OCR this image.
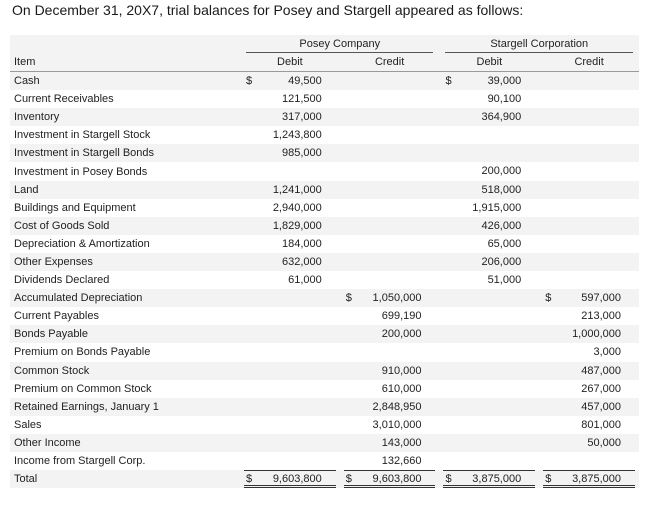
On December 31, 20X7, trial balances for Posey and Stargell appeared as follows:
	Posey Company		Stargell Corporation	

Item	Debit	Credit	Debit	Credit
Cash	$ 49,500		$ 39,000	

Current Receivables	121,500		90,100	

Inventory	317,000		364,900	

Investment in Stargell Stock	1,243,800			

Investment in Stargell Bonds	985,000			

Investment in Posey Bonds			200,000	

Land	1,241,000		518,000	

Buildings and Equipment	2,940,000		1,915,000	

Cost of Goods Sold	1,829,000		426,000	

Depreciation & Amortization	184,000		65,000	

Other Expenses	632,000		206,000	

Dividends Declared	61,000		51,000	

Accumulated Depreciation		$ 1,050,000		$ 597,000

Current Payables		699,190		213,000

Bonds Payable		200,000		1,000,000

Premium on Bonds Payable				3,000

Common Stock		910,000		487,000

Premium on Common Stock		610,000		267,000

Retained Earnings, January 1		2,848,950		457,000

Sales		3,010,000		801,000

Other Income		143,000		50,000

Income from Stargell Corp.		132,660		

Total	$ 9,603,800	$ 9,603,800	$ 3,875,000	$ 3,875,000
